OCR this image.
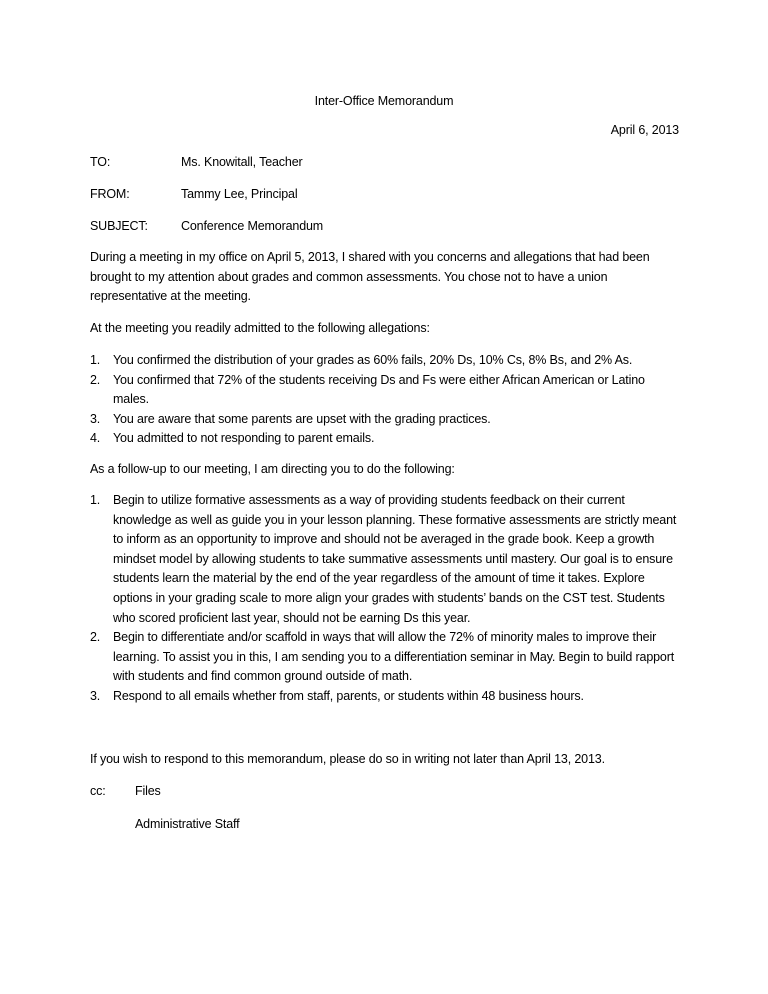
Inter-Office Memorandum
April 6, 2013
TO:	Ms. Knowitall, Teacher
FROM:	Tammy Lee, Principal
SUBJECT:	Conference Memorandum
During a meeting in my office on April 5, 2013, I shared with you concerns and allegations that had been brought to my attention about grades and common assessments. You chose not to have a union representative at the meeting.
At the meeting you readily admitted to the following allegations:
1. You confirmed the distribution of your grades as 60% fails, 20% Ds, 10% Cs, 8% Bs, and 2% As.
2. You confirmed that 72% of the students receiving Ds and Fs were either African American or Latino males.
3. You are aware that some parents are upset with the grading practices.
4. You admitted to not responding to parent emails.
As a follow-up to our meeting, I am directing you to do the following:
1. Begin to utilize formative assessments as a way of providing students feedback on their current knowledge as well as guide you in your lesson planning. These formative assessments are strictly meant to inform as an opportunity to improve and should not be averaged in the grade book. Keep a growth mindset model by allowing students to take summative assessments until mastery. Our goal is to ensure students learn the material by the end of the year regardless of the amount of time it takes. Explore options in your grading scale to more align your grades with students’ bands on the CST test. Students who scored proficient last year, should not be earning Ds this year.
2. Begin to differentiate and/or scaffold in ways that will allow the 72% of minority males to improve their learning. To assist you in this, I am sending you to a differentiation seminar in May. Begin to build rapport with students and find common ground outside of math.
3. Respond to all emails whether from staff, parents, or students within 48 business hours.
If you wish to respond to this memorandum, please do so in writing not later than April 13, 2013.
cc: Files
Administrative Staff
